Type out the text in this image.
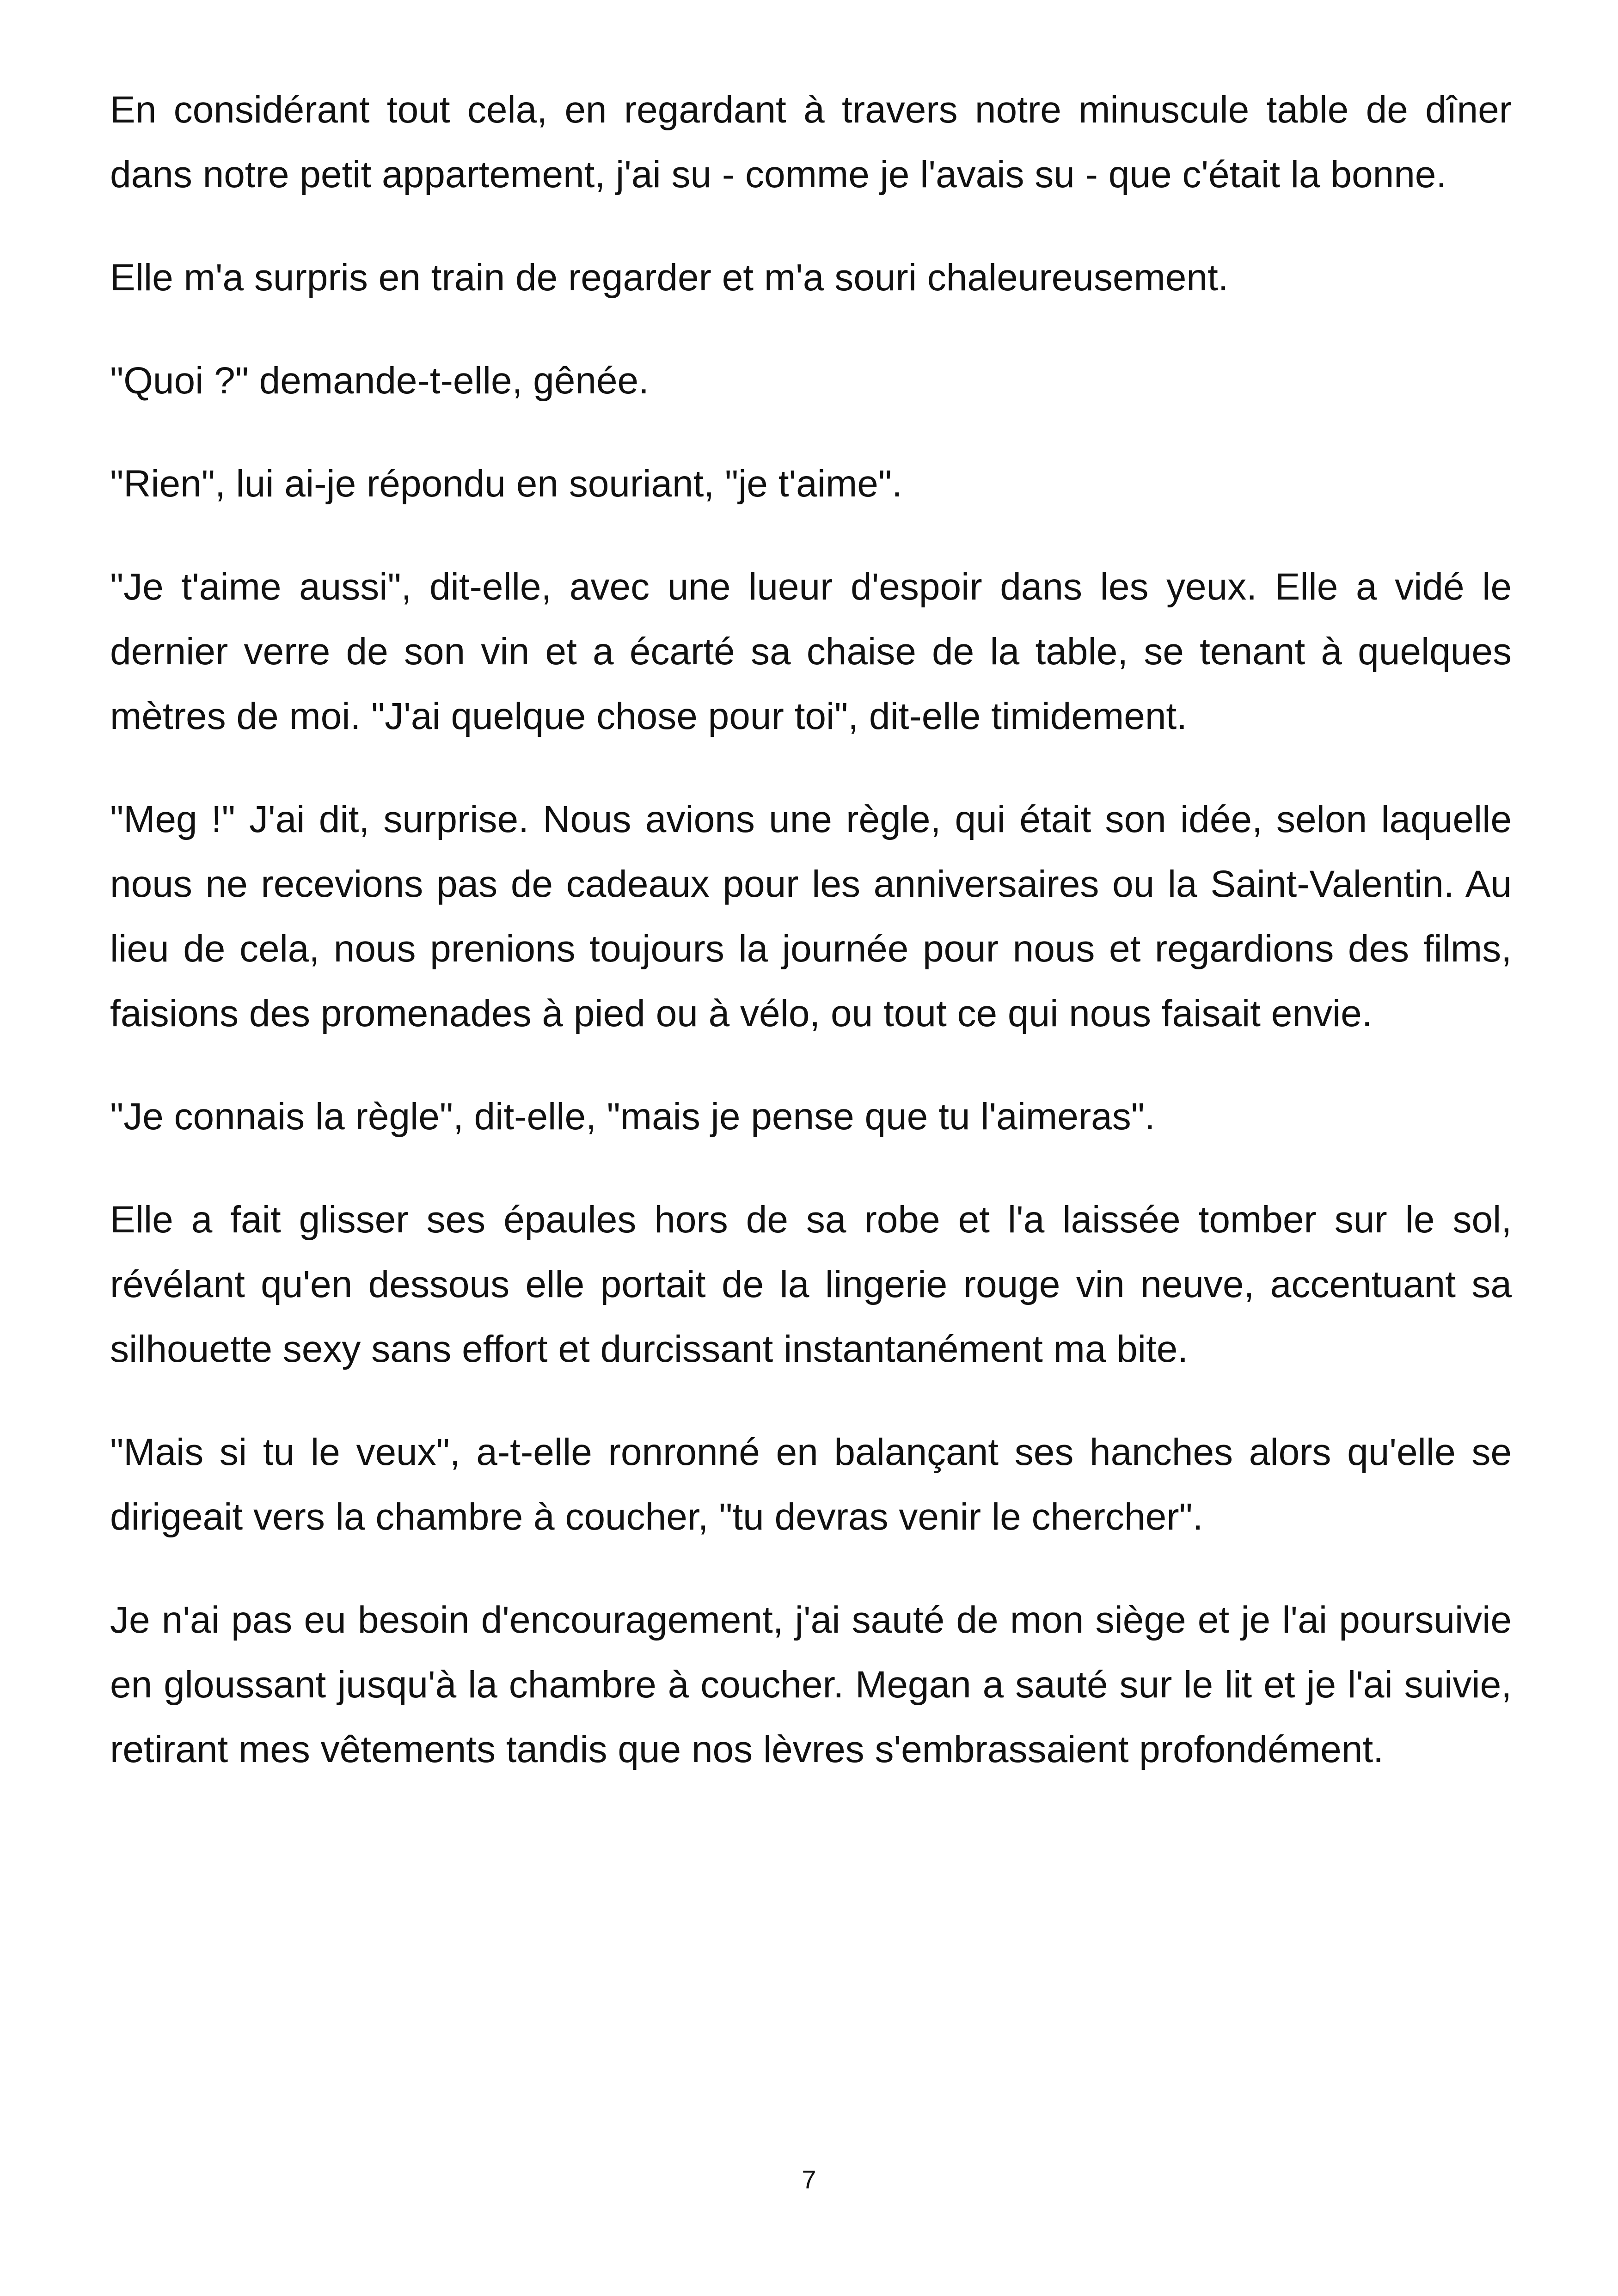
En considérant tout cela, en regardant à travers notre minuscule table de dîner dans notre petit appartement, j'ai su - comme je l'avais su - que c'était la bonne.

Elle m'a surpris en train de regarder et m'a souri chaleureusement.

"Quoi ?" demande-t-elle, gênée.

"Rien", lui ai-je répondu en souriant, "je t'aime".

"Je t'aime aussi", dit-elle, avec une lueur d'espoir dans les yeux. Elle a vidé le dernier verre de son vin et a écarté sa chaise de la table, se tenant à quelques mètres de moi. "J'ai quelque chose pour toi", dit-elle timidement.

"Meg !" J'ai dit, surprise. Nous avions une règle, qui était son idée, selon laquelle nous ne recevions pas de cadeaux pour les anniversaires ou la Saint-Valentin. Au lieu de cela, nous prenions toujours la journée pour nous et regardions des films, faisions des promenades à pied ou à vélo, ou tout ce qui nous faisait envie.

"Je connais la règle", dit-elle, "mais je pense que tu l'aimeras".

Elle a fait glisser ses épaules hors de sa robe et l'a laissée tomber sur le sol, révélant qu'en dessous elle portait de la lingerie rouge vin neuve, accentuant sa silhouette sexy sans effort et durcissant instantanément ma bite.

"Mais si tu le veux", a-t-elle ronronné en balançant ses hanches alors qu'elle se dirigeait vers la chambre à coucher, "tu devras venir le chercher".

Je n'ai pas eu besoin d'encouragement, j'ai sauté de mon siège et je l'ai poursuivie en gloussant jusqu'à la chambre à coucher. Megan a sauté sur le lit et je l'ai suivie, retirant mes vêtements tandis que nos lèvres s'embrassaient profondément.

7
